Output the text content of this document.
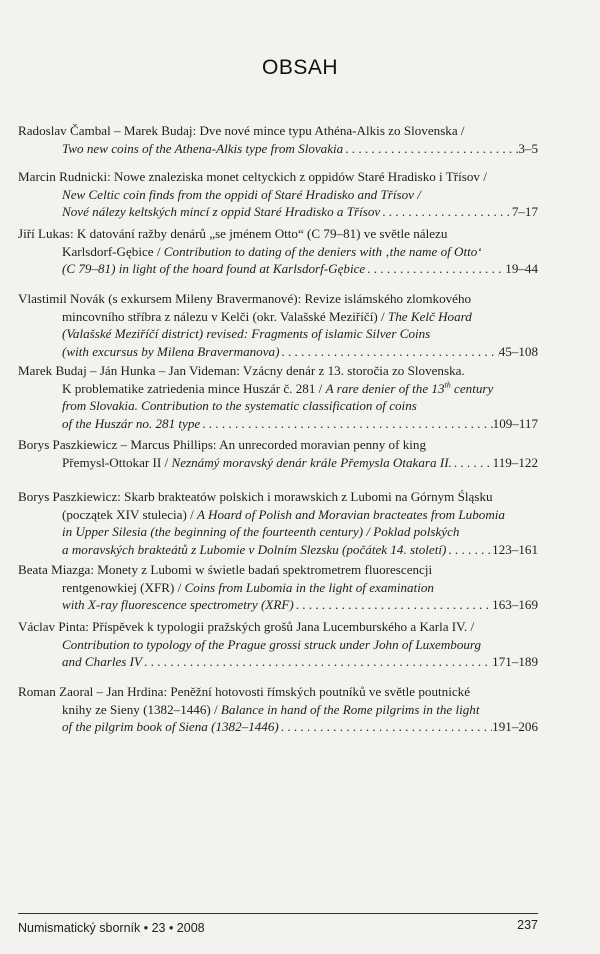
OBSAH
Radoslav Čambal – Marek Budaj: Dve nové mince typu Athéna-Alkis zo Slovenska /
Two new coins of the Athena-Alkis type from Slovakia . . .	3–5
Marcin Rudnicki: Nowe znaleziska monet celtyckich z oppidów Staré Hradisko i Třísov /
New Celtic coin finds from the oppidi of Staré Hradisko and Třísov /
Nové nálezy keltských mincí z oppid Staré Hradisko a Třísov . . .	7–17
Jiří Lukas: K datování ražby denárů „se jménem Otto“ (C 79–81) ve světle nálezu
Karlsdorf-Gębice / Contribution to dating of the deniers with ‚the name of Otto‘
(C 79–81) in light of the hoard found at Karlsdorf-Gębice . . .	19–44
Vlastimil Novák (s exkursem Mileny Bravermanové): Revize islámského zlomkového
mincovního stříbra z nálezu v Kelči (okr. Valašské Meziříčí) / The Kelč Hoard
(Valašské Meziříčí district) revised: Fragments of islamic Silver Coins
(with excursus by Milena Bravermanova) . . .	45–108
Marek Budaj – Ján Hunka – Jan Videman: Vzácny denár z 13. storočia zo Slovenska.
K problematike zatriedenia mince Huszár č. 281 / A rare denier of the 13th century
from Slovakia. Contribution to the systematic classification of coins
of the Huszár no. 281 type . . .	109–117
Borys Paszkiewicz – Marcus Phillips: An unrecorded moravian penny of king
Přemysl-Ottokar II / Neznámý moravský denár krále Přemysla Otakara II. . . .	119–122
Borys Paszkiewicz: Skarb brakteatów polskich i morawskich z Lubomi na Górnym Śląsku
(początek XIV stulecia) / A Hoard of Polish and Moravian bracteates from Lubomia
in Upper Silesia (the beginning of the fourteenth century) / Poklad polských
a moravských brakteátů z Lubomie v Dolním Slezsku (počátek 14. století) . . .	123–161
Beata Miazga: Monety z Lubomi w świetle badań spektrometrem fluorescencji
rentgenowkiej (XFR) / Coins from Lubomia in the light of examination
with X-ray fluorescence spectrometry (XRF) . . .	163–169
Václav Pinta: Příspěvek k typologii pražských grošů Jana Lucemburského a Karla IV. /
Contribution to typology of the Prague grossi struck under John of Luxembourg
and Charles IV . . .	171–189
Roman Zaoral – Jan Hrdina: Peněžní hotovosti římských poutníků ve světle poutnické
knihy ze Sieny (1382–1446) / Balance in hand of the Rome pilgrims in the light
of the pilgrim book of Siena (1382–1446) . . .	191–206
Numismatický sborník • 23 • 2008	237
